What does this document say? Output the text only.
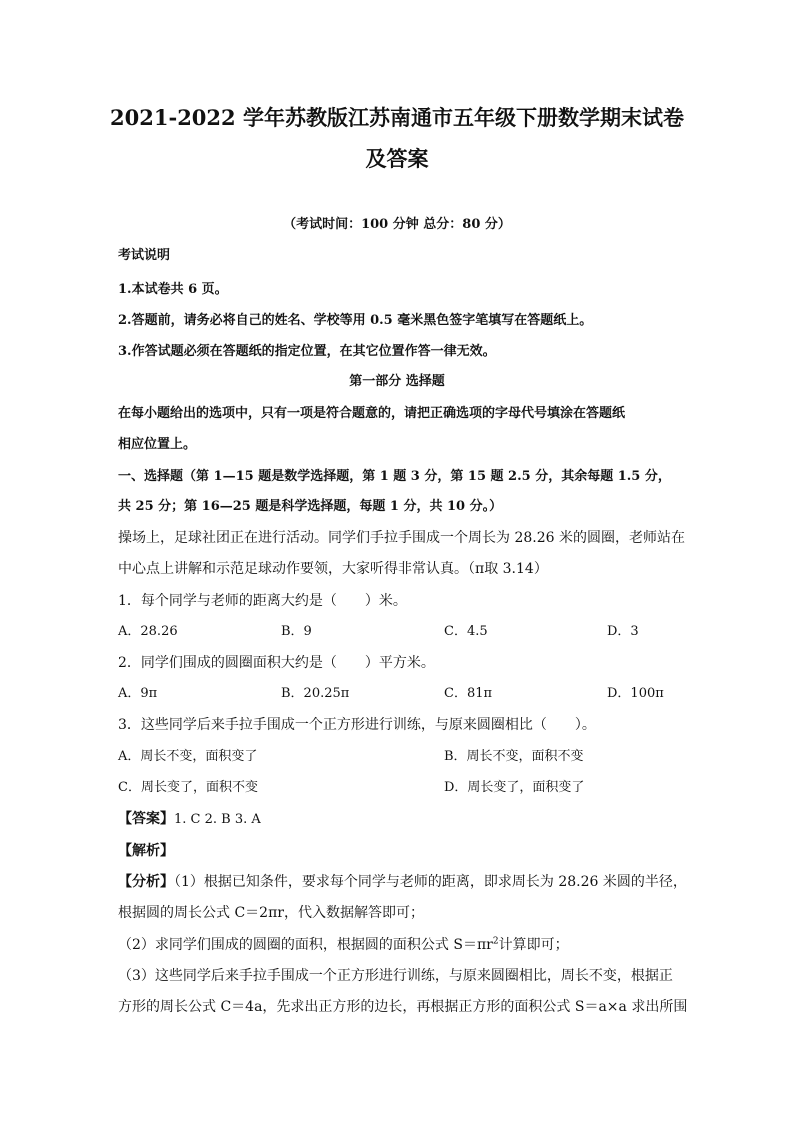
2021-2022 学年苏教版江苏南通市五年级下册数学期末试卷
及答案
（考试时间：100 分钟 总分：80 分）
考试说明
1.本试卷共 6 页。
2.答题前，请务必将自己的姓名、学校等用 0.5 毫米黑色签字笔填写在答题纸上。
3.作答试题必须在答题纸的指定位置，在其它位置作答一律无效。
第一部分 选择题
在每小题给出的选项中，只有一项是符合题意的，请把正确选项的字母代号填涂在答题纸
相应位置上。
一、选择题（第 1—15 题是数学选择题，第 1 题 3 分，第 15 题 2.5 分，其余每题 1.5 分，
共 25 分；第 16—25 题是科学选择题，每题 1 分，共 10 分。）
操场上，足球社团正在进行活动。同学们手拉手围成一个周长为 28.26 米的圆圈，老师站在
中心点上讲解和示范足球动作要领，大家听得非常认真。（π取 3.14）
1．每个同学与老师的距离大约是（　　）米。
A．28.26	B．9	C．4.5	D．3
2．同学们围成的圆圈面积大约是（　　）平方米。
A．9π	B．20.25π	C．81π	D．100π
3．这些同学后来手拉手围成一个正方形进行训练，与原来圆圈相比（　　）。
A．周长不变，面积变了	B．周长不变，面积不变
C．周长变了，面积不变	D．周长变了，面积变了
【答案】1. C 2. B 3. A
【解析】
【分析】（1）根据已知条件，要求每个同学与老师的距离，即求周长为 28.26 米圆的半径，
根据圆的周长公式 C＝2πr，代入数据解答即可；
（2）求同学们围成的圆圈的面积，根据圆的面积公式 $S=\pi r^2$计算即可；
（3）这些同学后来手拉手围成一个正方形进行训练，与原来圆圈相比，周长不变，根据正
方形的周长公式 C＝4a，先求出正方形的边长，再根据正方形的面积公式 S＝a×a 求出所围
